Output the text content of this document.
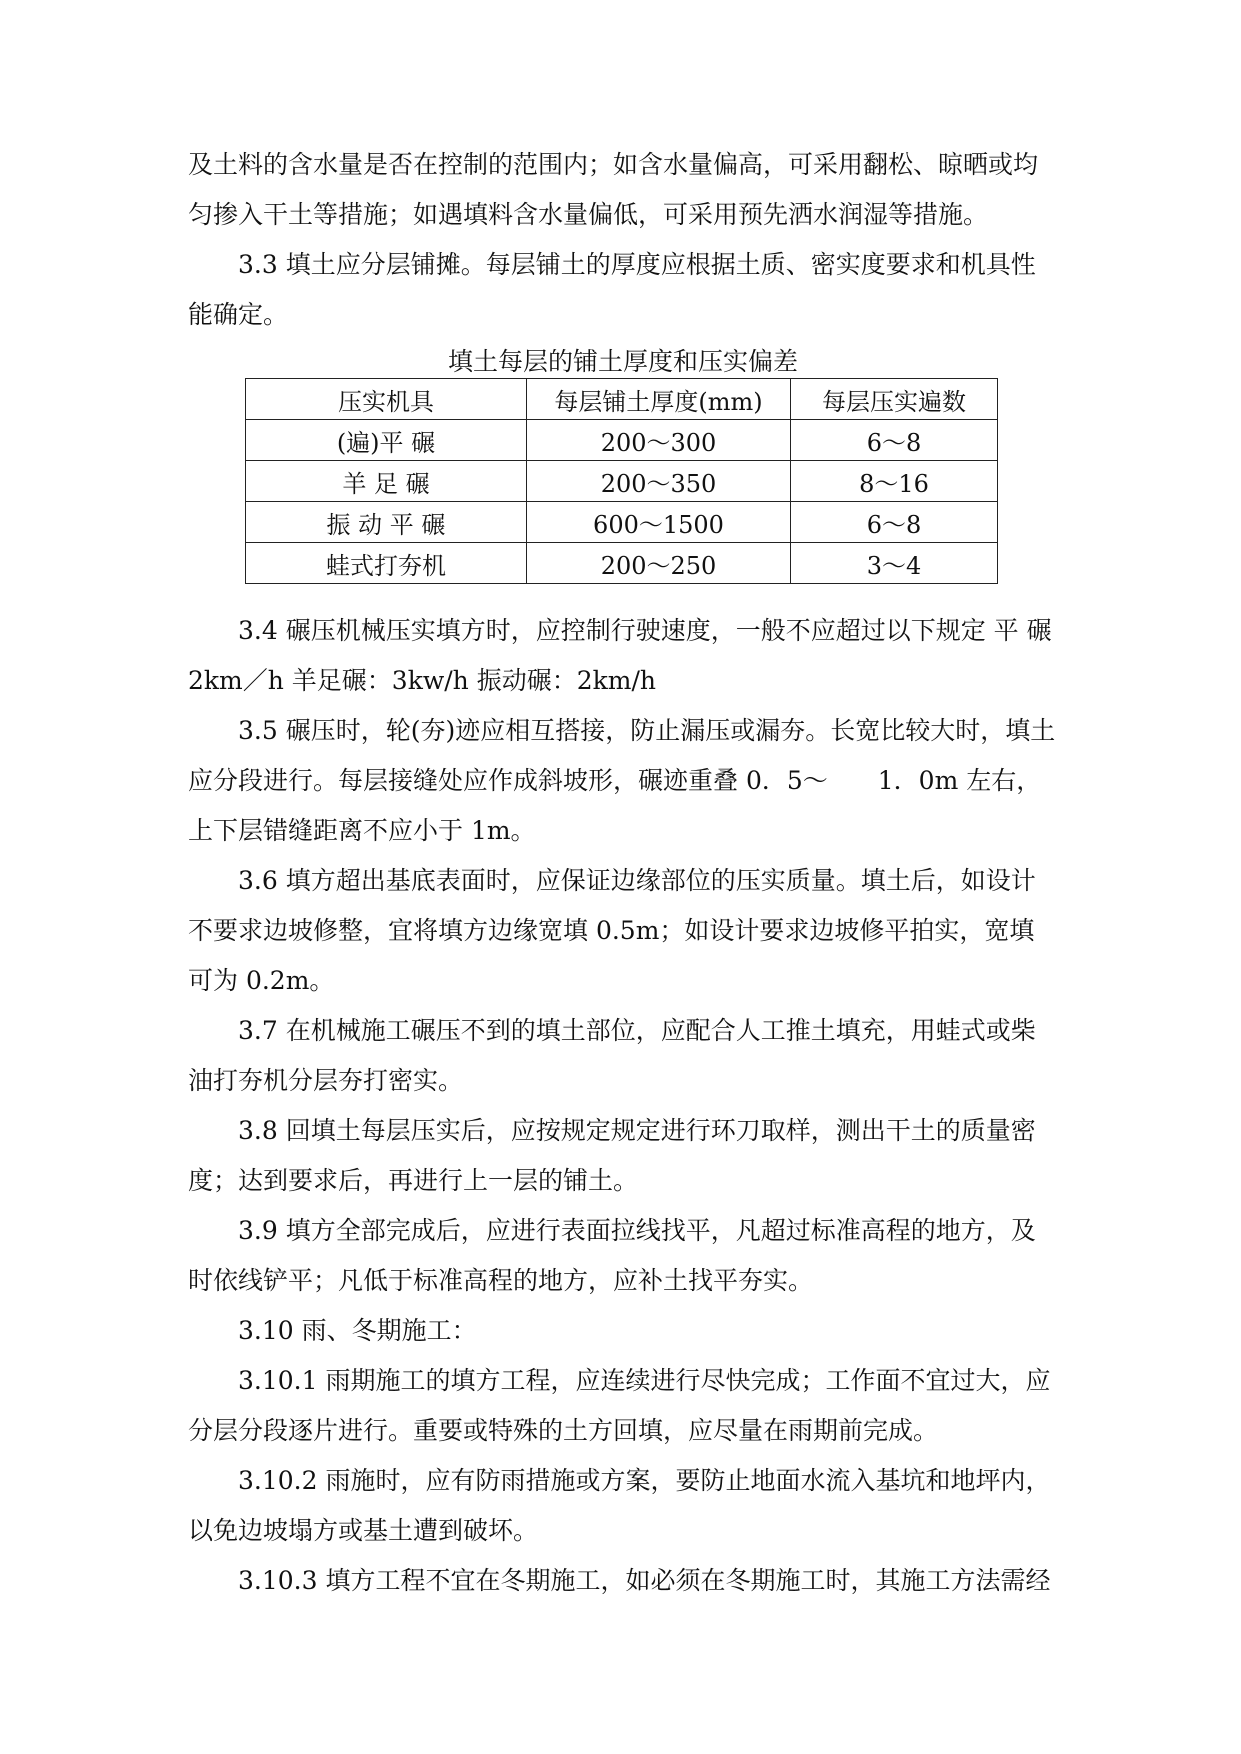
及土料的含水量是否在控制的范围内；如含水量偏高，可采用翻松、晾晒或均匀掺入干土等措施；如遇填料含水量偏低，可采用预先洒水润湿等措施。

3.3 填土应分层铺摊。每层铺土的厚度应根据土质、密实度要求和机具性能确定。

填土每层的铺土厚度和压实偏差

压实机具	每层铺土厚度(mm)	每层压实遍数
(遍)平 碾	200～300	6～8
羊 足 碾	200～350	8～16
振 动 平 碾	600～1500	6～8
蛙式打夯机	200～250	3～4

3.4 碾压机械压实填方时，应控制行驶速度，一般不应超过以下规定 平 碾 2km／h 羊足碾：3kw/h 振动碾：2km/h

3.5 碾压时，轮(夯)迹应相互搭接，防止漏压或漏夯。长宽比较大时，填土应分段进行。每层接缝处应作成斜坡形，碾迹重叠 0．5～　　1．0m 左右，上下层错缝距离不应小于 1m。

3.6 填方超出基底表面时，应保证边缘部位的压实质量。填土后，如设计不要求边坡修整，宜将填方边缘宽填 0.5m；如设计要求边坡修平拍实，宽填可为 0.2m。

3.7 在机械施工碾压不到的填土部位，应配合人工推土填充，用蛙式或柴油打夯机分层夯打密实。

3.8 回填土每层压实后，应按规定规定进行环刀取样，测出干土的质量密度；达到要求后，再进行上一层的铺土。

3.9 填方全部完成后，应进行表面拉线找平，凡超过标准高程的地方，及时依线铲平；凡低于标准高程的地方，应补土找平夯实。

3.10 雨、冬期施工：

3.10.1 雨期施工的填方工程，应连续进行尽快完成；工作面不宜过大，应分层分段逐片进行。重要或特殊的土方回填，应尽量在雨期前完成。

3.10.2 雨施时，应有防雨措施或方案，要防止地面水流入基坑和地坪内，以免边坡塌方或基土遭到破坏。

3.10.3 填方工程不宜在冬期施工，如必须在冬期施工时，其施工方法需经
